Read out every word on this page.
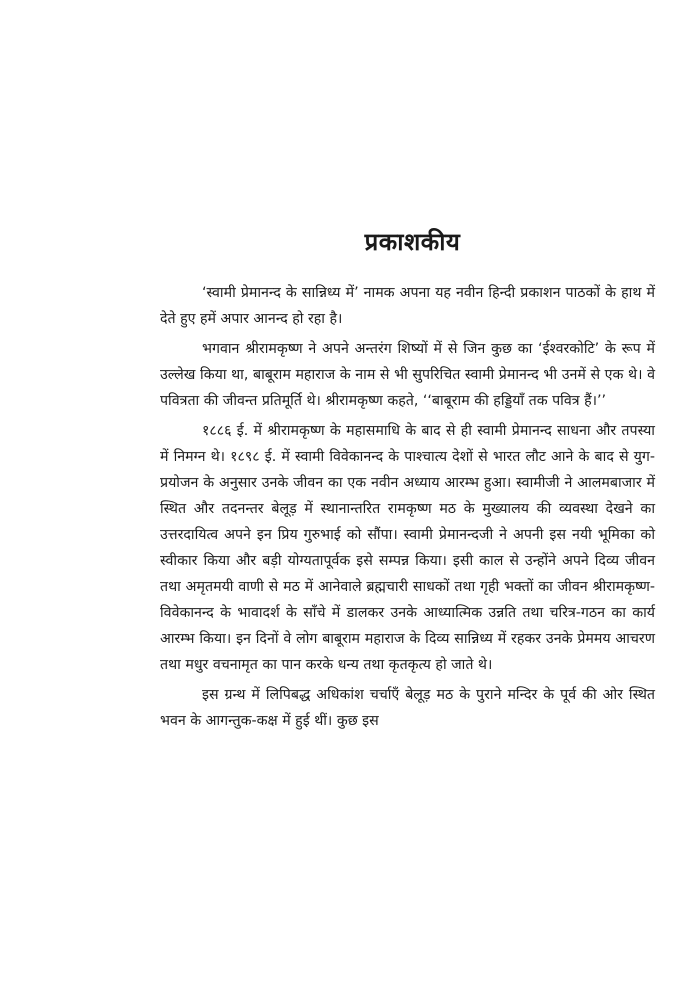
प्रकाशकीय

‘स्वामी प्रेमानन्द के सान्निध्य में’ नामक अपना यह नवीन हिन्दी प्रकाशन पाठकों के हाथ में देते हुए हमें अपार आनन्द हो रहा है।

भगवान श्रीरामकृष्ण ने अपने अन्तरंग शिष्यों में से जिन कुछ का ‘ईश्वरकोटि’ के रूप में उल्लेख किया था, बाबूराम महाराज के नाम से भी सुपरिचित स्वामी प्रेमानन्द भी उनमें से एक थे। वे पवित्रता की जीवन्त प्रतिमूर्ति थे। श्रीरामकृष्ण कहते, ‘‘बाबूराम की हड्डियाँ तक पवित्र हैं।’’

१८८६ ई. में श्रीरामकृष्ण के महासमाधि के बाद से ही स्वामी प्रेमानन्द साधना और तपस्या में निमग्न थे। १८९८ ई. में स्वामी विवेकानन्द के पाश्चात्य देशों से भारत लौट आने के बाद से युग-प्रयोजन के अनुसार उनके जीवन का एक नवीन अध्याय आरम्भ हुआ। स्वामीजी ने आलमबाजार में स्थित और तदनन्तर बेलूड़ में स्थानान्तरित रामकृष्ण मठ के मुख्यालय की व्यवस्था देखने का उत्तरदायित्व अपने इन प्रिय गुरुभाई को सौंपा। स्वामी प्रेमानन्दजी ने अपनी इस नयी भूमिका को स्वीकार किया और बड़ी योग्यतापूर्वक इसे सम्पन्न किया। इसी काल से उन्होंने अपने दिव्य जीवन तथा अमृतमयी वाणी से मठ में आनेवाले ब्रह्मचारी साधकों तथा गृही भक्तों का जीवन श्रीरामकृष्ण-विवेकानन्द के भावादर्श के साँचे में डालकर उनके आध्यात्मिक उन्नति तथा चरित्र-गठन का कार्य आरम्भ किया। इन दिनों वे लोग बाबूराम महाराज के दिव्य सान्निध्य में रहकर उनके प्रेममय आचरण तथा मधुर वचनामृत का पान करके धन्य तथा कृतकृत्य हो जाते थे।

इस ग्रन्थ में लिपिबद्ध अधिकांश चर्चाएँ बेलूड़ मठ के पुराने मन्दिर के पूर्व की ओर स्थित भवन के आगन्तुक-कक्ष में हुई थीं। कुछ इस
